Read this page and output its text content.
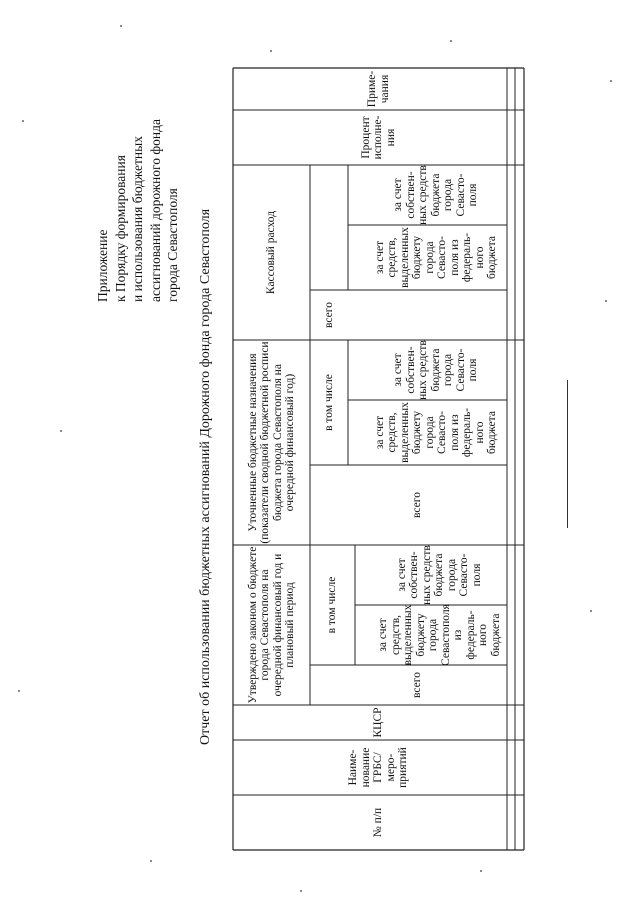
Приложение к Порядку формирования и использования бюджетных ассигнований дорожного фонда города Севастополя Отчет об использовании бюджетных ассигнований Дорожного фонда города Севастополя
№ п/п
Наиме- нование ГРБС/ мерο- приятий
КЦСР
Утверждено законом о бюджете города Севастополя на очередной финансовый год и плановый период
всего
в том числе
за счет средств, выделенных бюджету города Севастополя из федераль- ного бюджета
за счет собствен- ных средств бюджета города Севасто- поля
Уточненные бюджетные назначения (показатели сводной бюджетной росписи бюджета города Севастополя на очередной финансовый год)	всего
в том числе
за счет средств, выделенных бюджету города Севасто- поля из федераль- ного бюджета
за счет собствен- ных средств бюджета города Севасто- поля
Кассовый расход
всего
за счет средств, выделенных бюджету города Севасто- поля из федераль- ного бюджета
за счет собствен- ных средств бюджета города Севасто- поля
Процент исполне- ния
Приме- чания
